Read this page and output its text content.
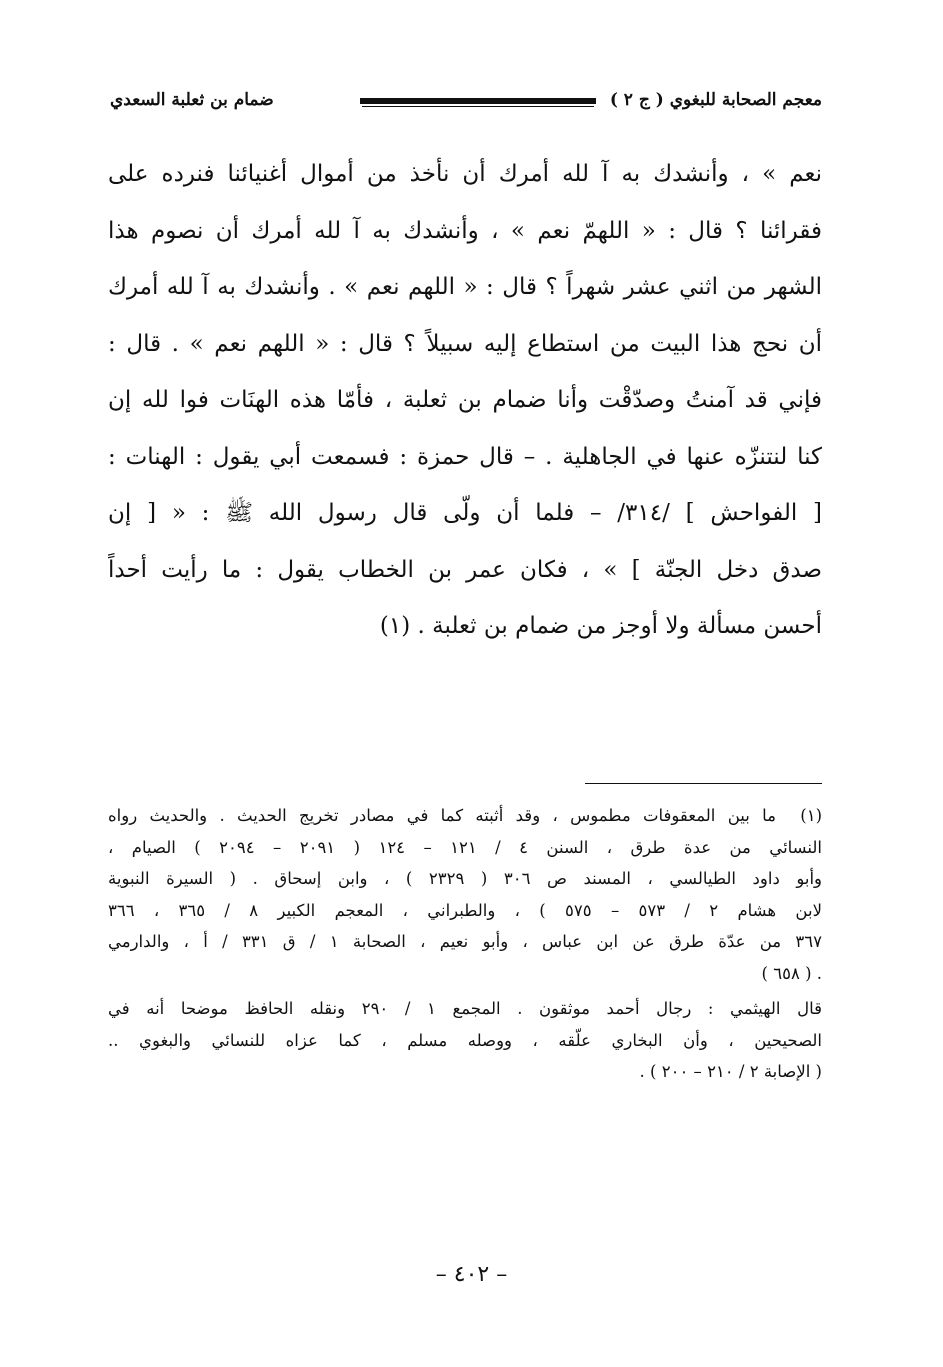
معجم الصحابة للبغوي ( ج ٢ )
ضمام بن ثعلبة السعدي
نعم » ، وأنشدك به آ لله أمرك أن نأخذ من أموال أغنيائنا فنرده على
فقرائنا ؟ قال : « اللهمّ نعم » ، وأنشدك به آ لله أمرك أن نصوم هذا
الشهر من اثني عشر شهراً ؟ قال : « اللهم نعم » . وأنشدك به آ لله أمرك
أن نحج هذا البيت من استطاع إليه سبيلاً ؟ قال : « اللهم نعم » . قال :
فإني قد آمنتُ وصدّقْت وأنا ضمام بن ثعلبة ، فأمّا هذه الهنَات فوا لله إن
كنا لنتنزّه عنها في الجاهلية . – قال حمزة : فسمعت أبي يقول : الهنات :
[ الفواحش ] /٣١٤/ – فلما أن ولّى قال رسول الله ﷺ : « [ إن
صدق دخل الجنّة ] » ، فكان عمر بن الخطاب يقول : ما رأيت أحداً
أحسن مسألة ولا أوجز من ضمام بن ثعلبة . (١)
(١)ما بين المعقوفات مطموس ، وقد أثبته كما في مصادر تخريج الحديث . والحديث رواه
النسائي من عدة طرق ، السنن ٤ / ١٢١ – ١٢٤ ( ٢٠٩١ – ٢٠٩٤ ) الصيام ،
وأبو داود الطيالسي ، المسند ص ٣٠٦ ( ٢٣٢٩ ) ، وابن إسحاق . ( السيرة النبوية
لابن هشام ٢ / ٥٧٣ – ٥٧٥ ) ، والطبراني ، المعجم الكبير ٨ / ٣٦٥ ، ٣٦٦
٣٦٧ من عدّة طرق عن ابن عباس ، وأبو نعيم ، الصحابة ١ / ق ٣٣١ / أ ، والدارمي
. ( ٦٥٨ )
قال الهيثمي : رجال أحمد موثقون . المجمع ١ / ٢٩٠ ونقله الحافظ موضحا أنه في
الصحيحين ، وأن البخاري علّقه ، ووصله مسلم ، كما عزاه للنسائي والبغوي ..
( الإصابة ٢ / ٢١٠ – ٢٠٠ ) .
– ٤٠٢ –
